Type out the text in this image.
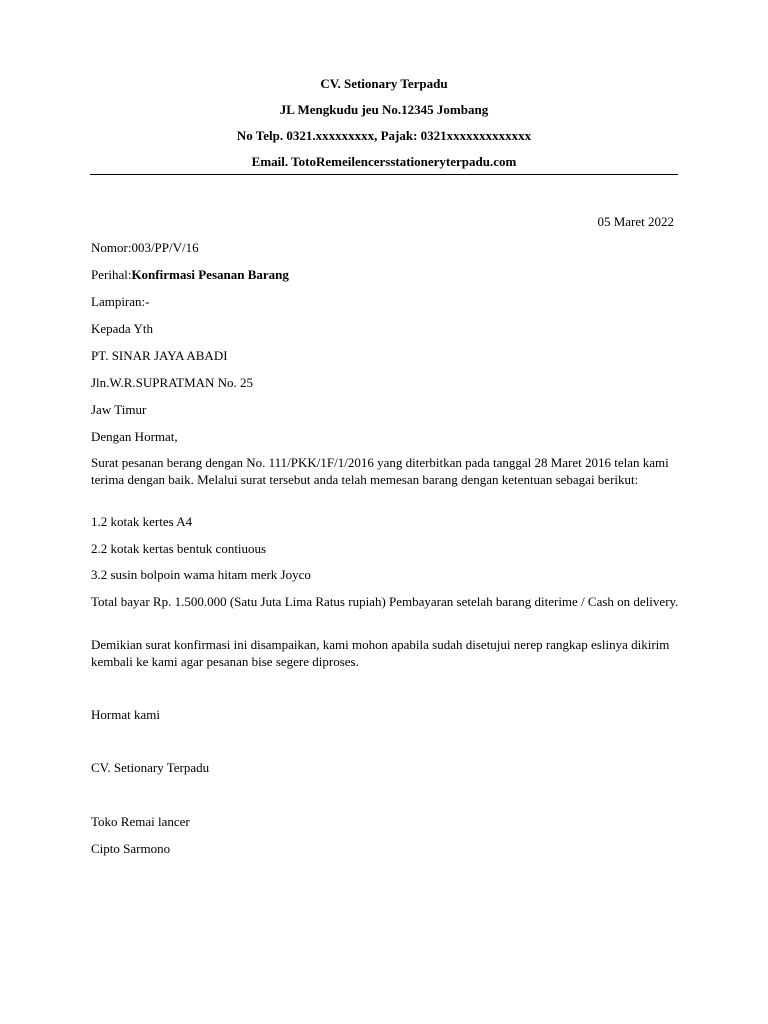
CV. Setionary Terpadu
JL Mengkudu jeu No.12345 Jombang
No Telp. 0321.xxxxxxxxx, Pajak: 0321xxxxxxxxxxxxx
Email. TotoRemeilencersstationeryterpadu.com
05 Maret 2022
Nomor:003/PP/V/16
Perihal:Konfirmasi Pesanan Barang
Lampiran:-
Kepada Yth
PT. SINAR JAYA ABADI
Jln.W.R.SUPRATMAN No. 25
Jaw Timur
Dengan Hormat,
Surat pesanan berang dengan No. 111/PKK/1F/1/2016 yang diterbitkan pada tanggal 28 Maret 2016 telan kami terima dengan baik. Melalui surat tersebut anda telah memesan barang dengan ketentuan sebagai berikut:
1.2 kotak kertes A4
2.2 kotak kertas bentuk contiuous
3.2 susin bolpoin wama hitam merk Joyco
Total bayar Rp. 1.500.000 (Satu Juta Lima Ratus rupiah) Pembayaran setelah barang diterime / Cash on delivery.
Demikian surat konfirmasi ini disampaikan, kami mohon apabila sudah disetujui nerep rangkap eslinya dikirim kembali ke kami agar pesanan bise segere diproses.
Hormat kami
CV. Setionary Terpadu
Toko Remai lancer
Cipto Sarmono
